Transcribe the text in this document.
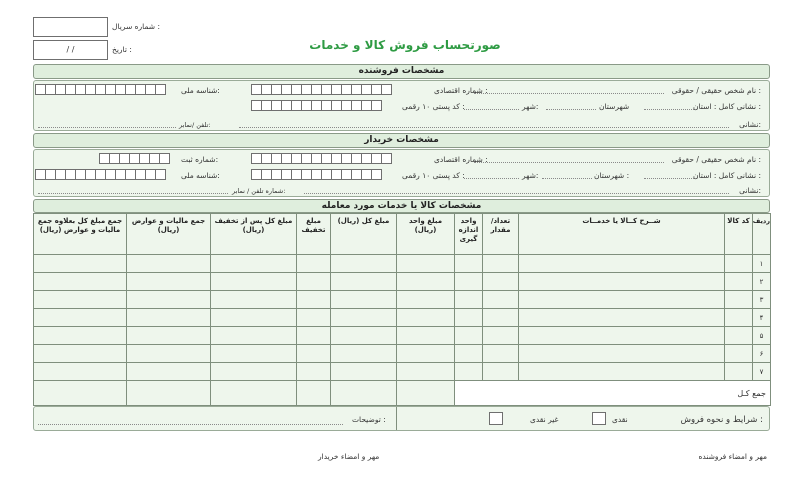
شماره سریال :
/ /	تاریخ :	صورتحساب فروش کالا و خدمات
مشخصات فروشنده
نام شخص حقیقی / حقوقی :
شماره اقتصادی :
شناسه ملی:
نشانی کامل : استان :
شهرستان
شهر:
کد پستی ۱۰ رقمی :
نشانی:
تلفن /نمابر:
مشخصات خریدار
نام شخص حقیقی / حقوقی :
شماره اقتصادی :
شماره ثبت:
نشانی کامل : استان :
شهرستان :
شهر:
کد پستی ۱۰ رقمی :
شناسه ملی:
نشانی:
شماره تلفن / نمابر:
مشخصات کالا یا خدمات مورد معامله
ردیف	کد کالا	شــرح کــالا یا خدمــات	تعداد/ مقدار	واحد اندازه گیری	مبلغ واحد (ریال)	مبلغ کل (ریال)	مبلغ تخفیف	مبلغ کل پس از تخفیف (ریال)	جمع مالیات و عوارض (ریال)	جمع مبلغ کل بعلاوه جمع مالیات و عوارض (ریال)
۱										
۲										
۳										
۴										
۵										
۶										
۷										
جمع کـل										
شرایط و نحوه فروش :
نقدی
غیر نقدی
توضیحات :
مهر و امضاء فروشنده
مهر و امضاء خریدار
